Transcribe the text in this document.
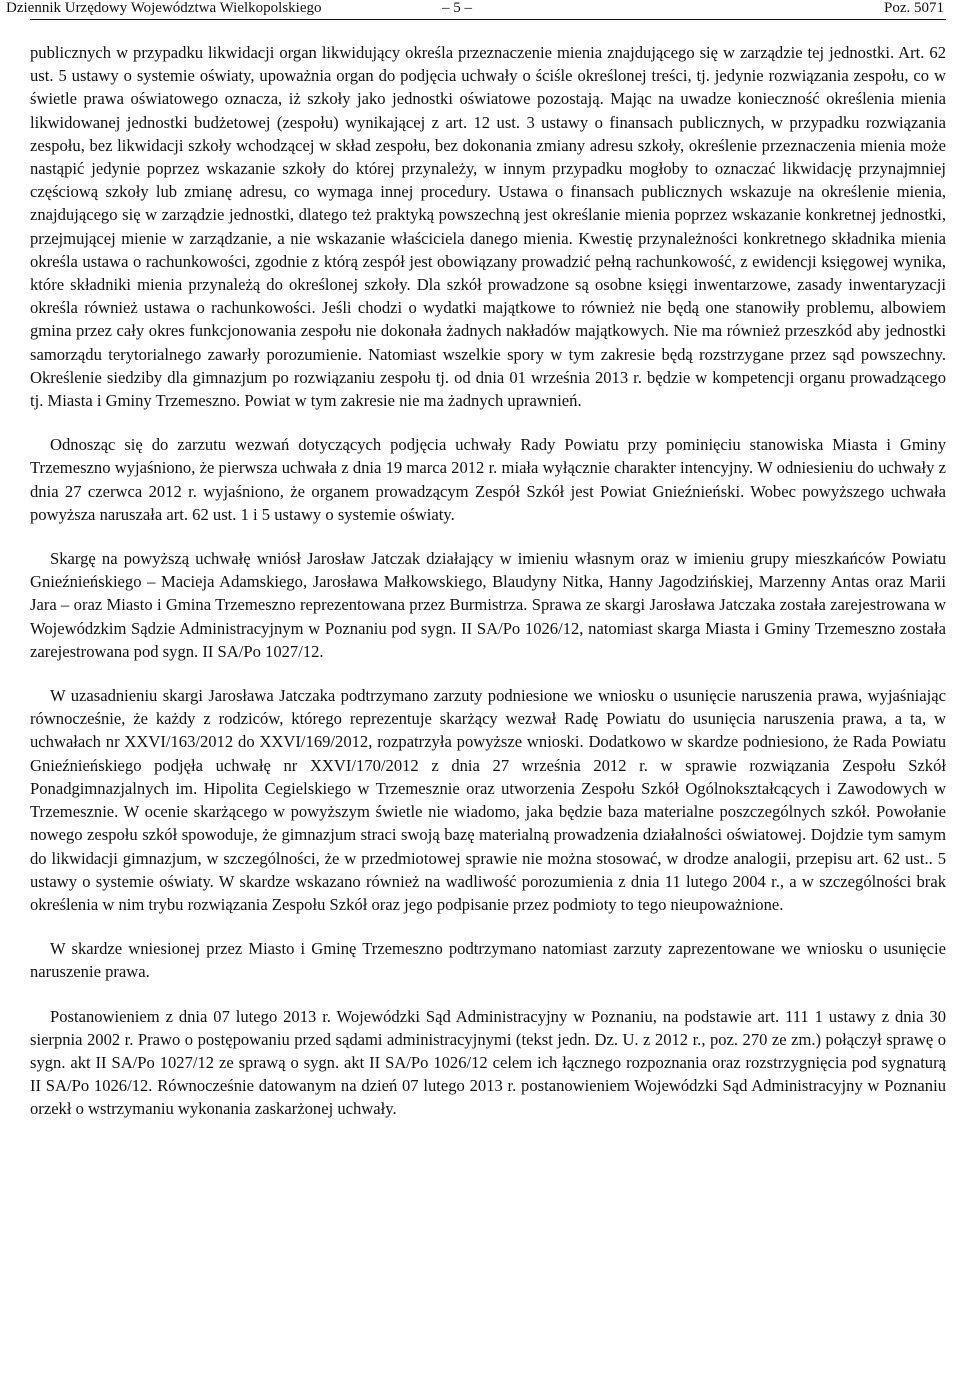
Dziennik Urzędowy Województwa Wielkopolskiego	– 5 –	Poz. 5071

publicznych w przypadku likwidacji organ likwidujący określa przeznaczenie mienia znajdującego się w zarządzie tej jednostki. Art. 62 ust. 5 ustawy o systemie oświaty, upoważnia organ do podjęcia uchwały o ściśle określonej treści, tj. jedynie rozwiązania zespołu, co w świetle prawa oświatowego oznacza, iż szkoły jako jednostki oświatowe pozostają. Mając na uwadze konieczność określenia mienia likwidowanej jednostki budżetowej (zespołu) wynikającej z art. 12 ust. 3 ustawy o finansach publicznych, w przypadku rozwiązania zespołu, bez likwidacji szkoły wchodzącej w skład zespołu, bez dokonania zmiany adresu szkoły, określenie przeznaczenia mienia może nastąpić jedynie poprzez wskazanie szkoły do której przynależy, w innym przypadku mogłoby to oznaczać likwidację przynajmniej częściową szkoły lub zmianę adresu, co wymaga innej procedury. Ustawa o finansach publicznych wskazuje na określenie mienia, znajdującego się w zarządzie jednostki, dlatego też praktyką powszechną jest określanie mienia poprzez wskazanie konkretnej jednostki, przejmującej mienie w zarządzanie, a nie wskazanie właściciela danego mienia. Kwestię przynależności konkretnego składnika mienia określa ustawa o rachunkowości, zgodnie z którą zespół jest obowiązany prowadzić pełną rachunkowość, z ewidencji księgowej wynika, które składniki mienia przynależą do określonej szkoły. Dla szkół prowadzone są osobne księgi inwentarzowe, zasady inwentaryzacji określa również ustawa o rachunkowości. Jeśli chodzi o wydatki majątkowe to również nie będą one stanowiły problemu, albowiem gmina przez cały okres funkcjonowania zespołu nie dokonała żadnych nakładów majątkowych. Nie ma również przeszkód aby jednostki samorządu terytorialnego zawarły porozumienie. Natomiast wszelkie spory w tym zakresie będą rozstrzygane przez sąd powszechny. Określenie siedziby dla gimnazjum po rozwiązaniu zespołu tj. od dnia 01 września 2013 r. będzie w kompetencji organu prowadzącego tj. Miasta i Gminy Trzemeszno. Powiat w tym zakresie nie ma żadnych uprawnień.

Odnosząc się do zarzutu wezwań dotyczących podjęcia uchwały Rady Powiatu przy pominięciu stanowiska Miasta i Gminy Trzemeszno wyjaśniono, że pierwsza uchwała z dnia 19 marca 2012 r. miała wyłącznie charakter intencyjny. W odniesieniu do uchwały z dnia 27 czerwca 2012 r. wyjaśniono, że organem prowadzącym Zespół Szkół jest Powiat Gnieźnieński. Wobec powyższego uchwała powyższa naruszała art. 62 ust. 1 i 5 ustawy o systemie oświaty.

Skargę na powyższą uchwałę wniósł Jarosław Jatczak działający w imieniu własnym oraz w imieniu grupy mieszkańców Powiatu Gnieźnieńskiego – Macieja Adamskiego, Jarosława Małkowskiego, Blaudyny Nitka, Hanny Jagodzińskiej, Marzenny Antas oraz Marii Jara – oraz Miasto i Gmina Trzemeszno reprezentowana przez Burmistrza. Sprawa ze skargi Jarosława Jatczaka została zarejestrowana w Wojewódzkim Sądzie Administracyjnym w Poznaniu pod sygn. II SA/Po 1026/12, natomiast skarga Miasta i Gminy Trzemeszno została zarejestrowana pod sygn. II SA/Po 1027/12.

W uzasadnieniu skargi Jarosława Jatczaka podtrzymano zarzuty podniesione we wniosku o usunięcie naruszenia prawa, wyjaśniając równocześnie, że każdy z rodziców, którego reprezentuje skarżący wezwał Radę Powiatu do usunięcia naruszenia prawa, a ta, w uchwałach nr XXVI/163/2012 do XXVI/169/2012, rozpatrzyła powyższe wnioski. Dodatkowo w skardze podniesiono, że Rada Powiatu Gnieźnieńskiego podjęła uchwałę nr XXVI/170/2012 z dnia 27 września 2012 r. w sprawie rozwiązania Zespołu Szkół Ponadgimnazjalnych im. Hipolita Cegielskiego w Trzemesznie oraz utworzenia Zespołu Szkół Ogólnokształcących i Zawodowych w Trzemesznie. W ocenie skarżącego w powyższym świetle nie wiadomo, jaka będzie baza materialne poszczególnych szkół. Powołanie nowego zespołu szkół spowoduje, że gimnazjum straci swoją bazę materialną prowadzenia działalności oświatowej. Dojdzie tym samym do likwidacji gimnazjum, w szczególności, że w przedmiotowej sprawie nie można stosować, w drodze analogii, przepisu art. 62 ust.. 5 ustawy o systemie oświaty. W skardze wskazano również na wadliwość porozumienia z dnia 11 lutego 2004 r., a w szczególności brak określenia w nim trybu rozwiązania Zespołu Szkół oraz jego podpisanie przez podmioty to tego nieupoważnione.

W skardze wniesionej przez Miasto i Gminę Trzemeszno podtrzymano natomiast zarzuty zaprezentowane we wniosku o usunięcie naruszenie prawa.

Postanowieniem z dnia 07 lutego 2013 r. Wojewódzki Sąd Administracyjny w Poznaniu, na podstawie art. 111 1 ustawy z dnia 30 sierpnia 2002 r. Prawo o postępowaniu przed sądami administracyjnymi (tekst jedn. Dz. U. z 2012 r., poz. 270 ze zm.) połączył sprawę o sygn. akt II SA/Po 1027/12 ze sprawą o sygn. akt II SA/Po 1026/12 celem ich łącznego rozpoznania oraz rozstrzygnięcia pod sygnaturą II SA/Po 1026/12. Równocześnie datowanym na dzień 07 lutego 2013 r. postanowieniem Wojewódzki Sąd Administracyjny w Poznaniu orzekł o wstrzymaniu wykonania zaskarżonej uchwały.
